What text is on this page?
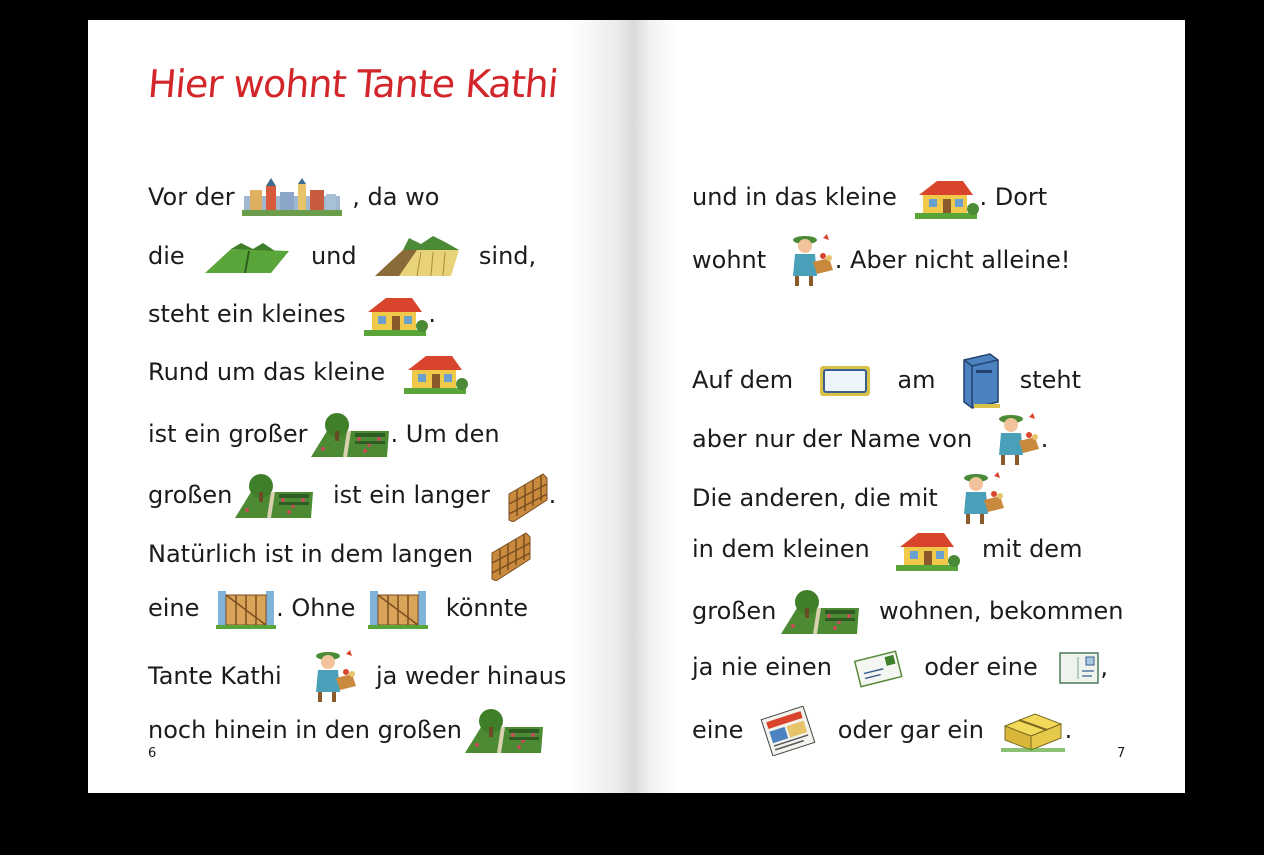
Hier wohnt Tante Kathi
Vor der	, da wo
die	und	sind,
steht ein kleines	.
Rund um das kleine
ist ein großer	. Um den
großen	ist ein langer .
Natürlich ist in dem langen
eine	. Ohne	könnte
Tante Kathi	ja weder hinaus
noch hinein in den großen
6
und in das kleine	. Dort
wohnt	. Aber nicht alleine!
Auf dem	am	steht
aber nur der Name von	.
Die anderen, die mit
in dem kleinen	mit dem
großen	wohnen, bekommen
ja nie einen	oder eine	,
eine	oder gar ein	.
7
